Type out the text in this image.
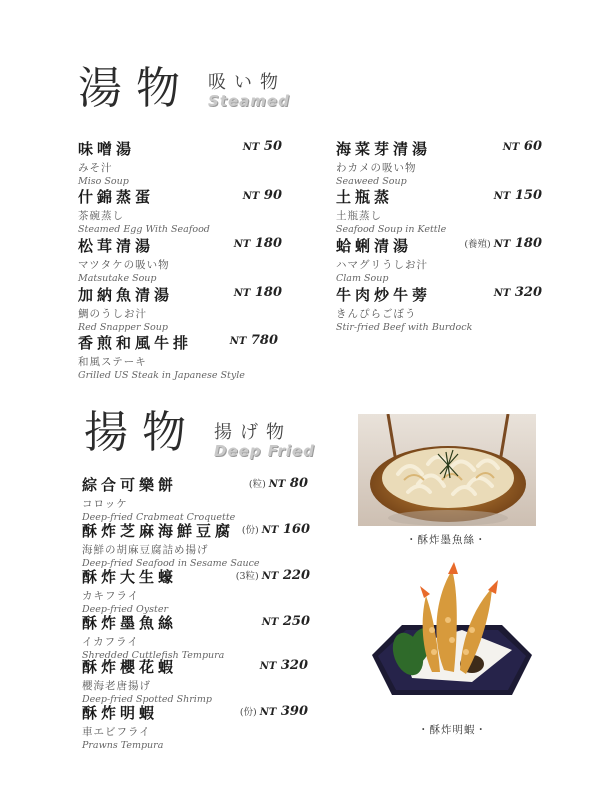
湯物 吸い物
Steamed
味噌湯
みそ汁
Miso Soup
NT 50
什錦蒸蛋
茶碗蒸し
Steamed Egg With Seafood
NT 90
松茸清湯
マツタケの吸い物
Matsutake Soup
NT 180
加納魚清湯
鯛のうしお汁
Red Snapper Soup
NT 180
香煎和風牛排
和風ステーキ
Grilled US Steak in Japanese Style
NT 780
海菜芽清湯
わカメの吸い物
Seaweed Soup
NT 60
土瓶蒸
土瓶蒸し
Seafood Soup in Kettle
NT 150
蛤蜊清湯
ハマグリうしお汁
Clam Soup
(養殖) NT 180
牛肉炒牛蒡
きんぴらごぼう
Stir-fried Beef with Burdock
NT 320
揚物 揚げ物
Deep Fried
綜合可樂餅
コロッケ
Deep-fried Crabmeat Croquette
(粒) NT 80
酥炸芝麻海鮮豆腐
海鮮の胡麻豆腐詰め揚げ
Deep-fried Seafood in Sesame Sauce
(份) NT 160
酥炸大生蠔
カキフライ
Deep-fried Oyster
(3粒) NT 220
酥炸墨魚絲
イカフライ
Shredded Cuttlefish Tempura
NT 250
酥炸櫻花蝦
櫻海老唐揚げ
Deep-fried Spotted Shrimp
NT 320
酥炸明蝦
車エビフライ
Prawns Tempura
(份) NT 390
・酥炸墨魚絲・
・酥炸明蝦・
